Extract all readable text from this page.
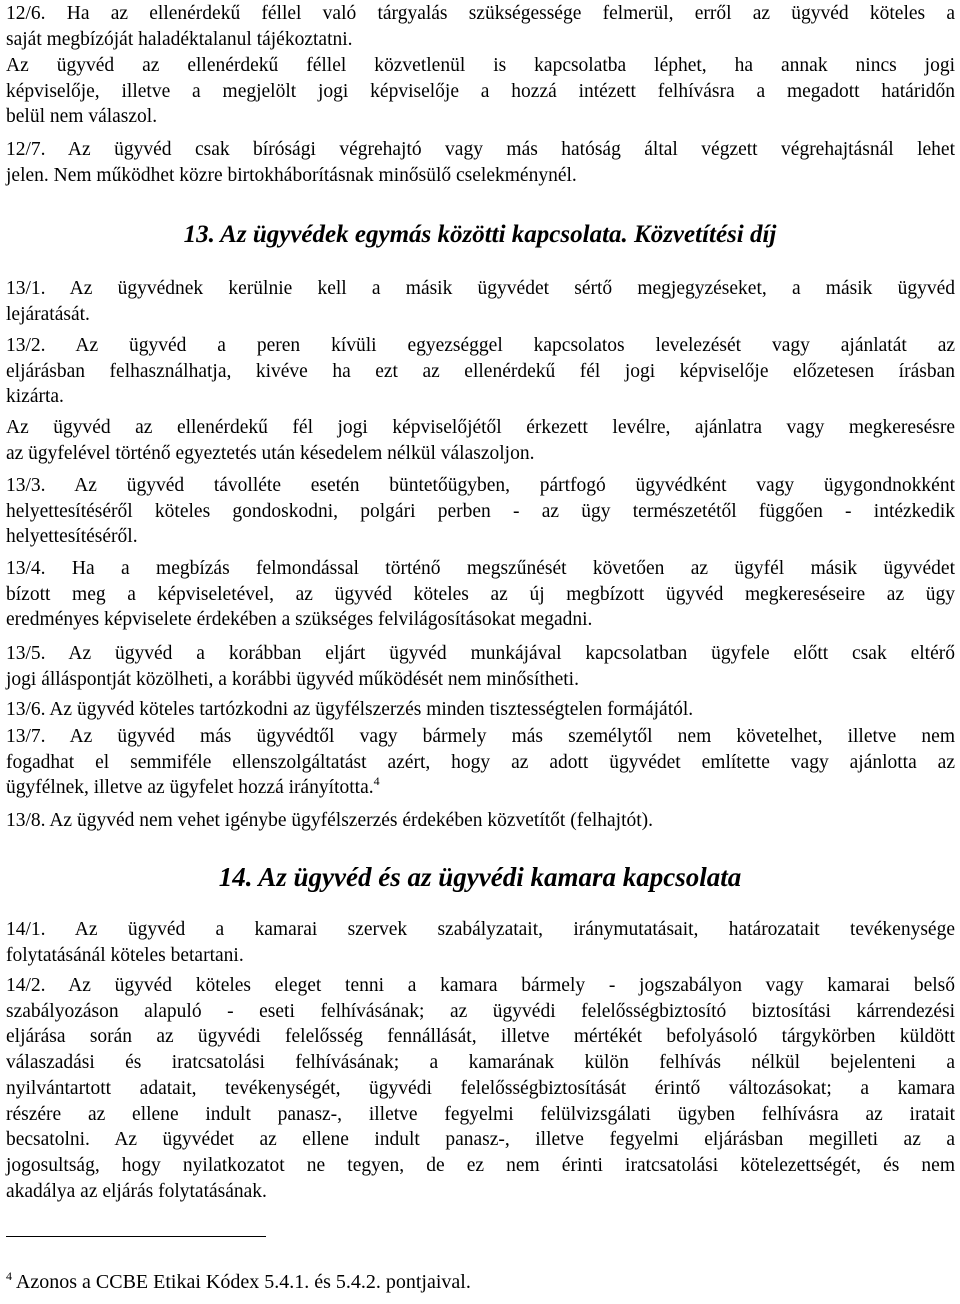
12/6. Ha az ellenérdekű féllel való tárgyalás szükségessége felmerül, erről az ügyvéd köteles a
saját megbízóját haladéktalanul tájékoztatni.
Az ügyvéd az ellenérdekű féllel közvetlenül is kapcsolatba léphet, ha annak nincs jogi
képviselője, illetve a megjelölt jogi képviselője a hozzá intézett felhívásra a megadott határidőn
belül nem válaszol.
12/7. Az ügyvéd csak bírósági végrehajtó vagy más hatóság által végzett végrehajtásnál lehet
jelen. Nem működhet közre birtokháborításnak minősülő cselekménynél.
13. Az ügyvédek egymás közötti kapcsolata. Közvetítési díj
13/1. Az ügyvédnek kerülnie kell a másik ügyvédet sértő megjegyzéseket, a másik ügyvéd
lejáratását.
13/2. Az ügyvéd a peren kívüli egyezséggel kapcsolatos levelezését vagy ajánlatát az
eljárásban felhasználhatja, kivéve ha ezt az ellenérdekű fél jogi képviselője előzetesen írásban
kizárta.
Az ügyvéd az ellenérdekű fél jogi képviselőjétől érkezett levélre, ajánlatra vagy megkeresésre
az ügyfelével történő egyeztetés után késedelem nélkül válaszoljon.
13/3. Az ügyvéd távolléte esetén büntetőügyben, pártfogó ügyvédként vagy ügygondnokként
helyettesítéséről köteles gondoskodni, polgári perben - az ügy természetétől függően - intézkedik
helyettesítéséről.
13/4. Ha a megbízás felmondással történő megszűnését követően az ügyfél másik ügyvédet
bízott meg a képviseletével, az ügyvéd köteles az új megbízott ügyvéd megkereséseire az ügy
eredményes képviselete érdekében a szükséges felvilágosításokat megadni.
13/5. Az ügyvéd a korábban eljárt ügyvéd munkájával kapcsolatban ügyfele előtt csak eltérő
jogi álláspontját közölheti, a korábbi ügyvéd működését nem minősítheti.
13/6. Az ügyvéd köteles tartózkodni az ügyfélszerzés minden tisztességtelen formájától.
13/7. Az ügyvéd más ügyvédtől vagy bármely más személytől nem követelhet, illetve nem
fogadhat el semmiféle ellenszolgáltatást azért, hogy az adott ügyvédet említette vagy ajánlotta az
ügyfélnek, illetve az ügyfelet hozzá irányította.$^4$
13/8. Az ügyvéd nem vehet igénybe ügyfélszerzés érdekében közvetítőt (felhajtót).
14. Az ügyvéd és az ügyvédi kamara kapcsolata
14/1. Az ügyvéd a kamarai szervek szabályzatait, iránymutatásait, határozatait tevékenysége
folytatásánál köteles betartani.
14/2. Az ügyvéd köteles eleget tenni a kamara bármely - jogszabályon vagy kamarai belső
szabályozáson alapuló - eseti felhívásának; az ügyvédi felelősségbiztosító biztosítási kárrendezési
eljárása során az ügyvédi felelősség fennállását, illetve mértékét befolyásoló tárgykörben küldött
válaszadási és iratcsatolási felhívásának; a kamarának külön felhívás nélkül bejelenteni a
nyilvántartott adatait, tevékenységét, ügyvédi felelősségbiztosítását érintő változásokat; a kamara
részére az ellene indult panasz-, illetve fegyelmi felülvizsgálati ügyben felhívásra az iratait
becsatolni. Az ügyvédet az ellene indult panasz-, illetve fegyelmi eljárásban megilleti az a
jogosultság, hogy nyilatkozatot ne tegyen, de ez nem érinti iratcsatolási kötelezettségét, és nem
akadálya az eljárás folytatásának.
$^4$ Azonos a CCBE Etikai Kódex 5.4.1. és 5.4.2. pontjaival.
